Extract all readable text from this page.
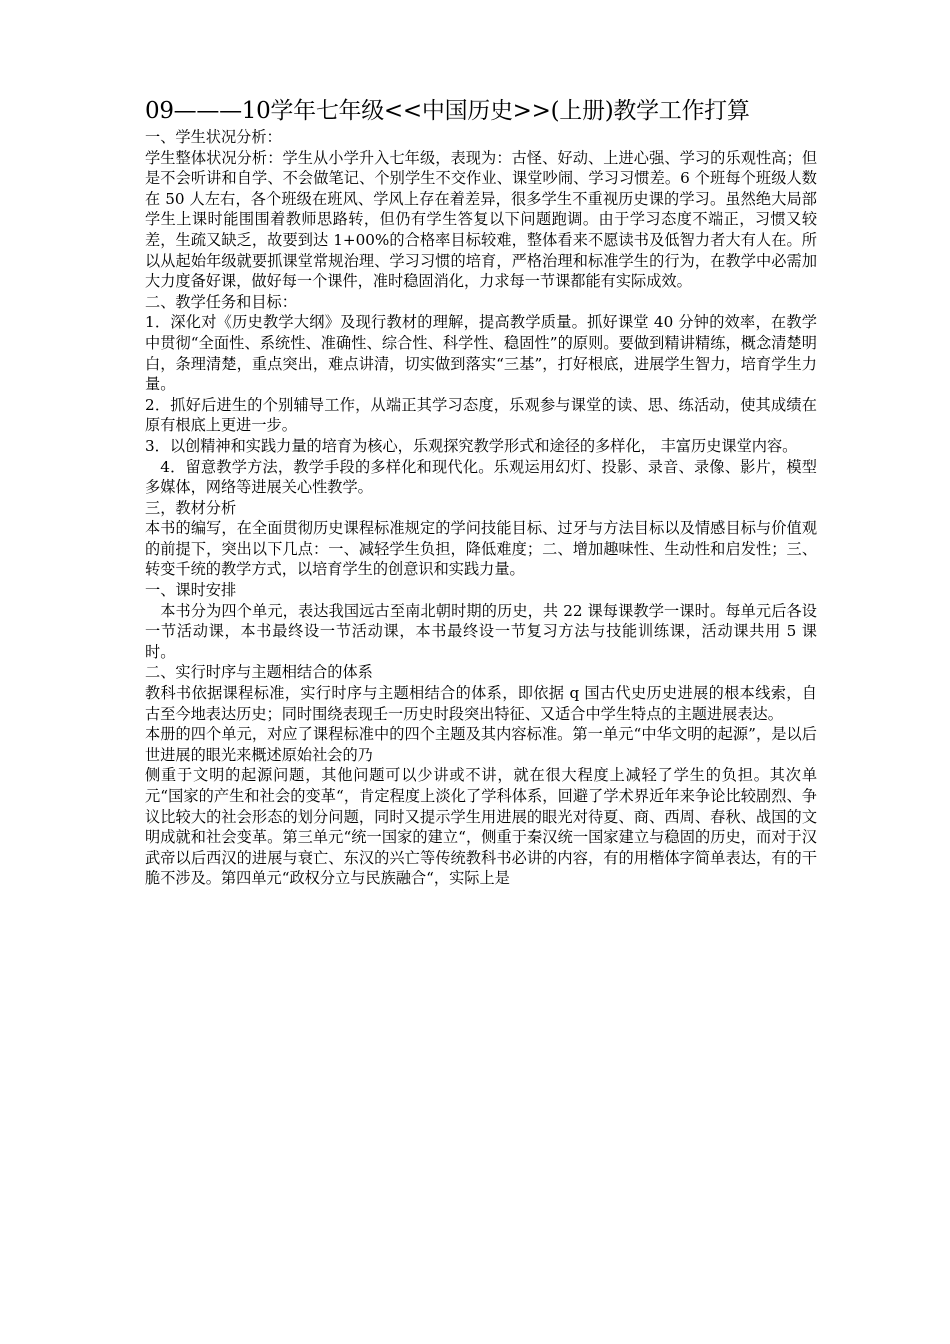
09———10学年七年级<<中国历史>>(上册)教学工作打算

一、学生状况分析：

学生整体状况分析：学生从小学升入七年级，表现为：古怪、好动、上进心强、学习的乐观性高；但是不会听讲和自学、不会做笔记、个别学生不交作业、课堂吵闹、学习习惯差。6 个班每个班级人数在 50 人左右，各个班级在班风、学风上存在着差异，很多学生不重视历史课的学习。虽然绝大局部学生上课时能围围着教师思路转，但仍有学生答复以下问题跑调。由于学习态度不端正，习惯又较差，生疏又缺乏，故要到达 1+00%的合格率目标较难，整体看来不愿读书及低智力者大有人在。所以从起始年级就要抓课堂常规治理、学习习惯的培育，严格治理和标准学生的行为，在教学中必需加大力度备好课，做好每一个课件，准时稳固消化，力求每一节课都能有实际成效。

二、教学任务和目标：

1．深化对《历史教学大纲》及现行教材的理解，提高教学质量。抓好课堂 40 分钟的效率，在教学中贯彻“全面性、系统性、准确性、综合性、科学性、稳固性”的原则。要做到精讲精练，概念清楚明白，条理清楚，重点突出，难点讲清，切实做到落实“三基”，打好根底，进展学生智力，培育学生力量。

2．抓好后进生的个别辅导工作，从端正其学习态度，乐观参与课堂的读、思、练活动，使其成绩在原有根底上更进一步。

3．以创精神和实践力量的培育为核心，乐观探究教学形式和途径的多样化， 丰富历史课堂内容。

4．留意教学方法，教学手段的多样化和现代化。乐观运用幻灯、投影、录音、录像、影片，模型多媒体，网络等进展关心性教学。

三，教材分析

本书的编写，在全面贯彻历史课程标准规定的学问技能目标、过牙与方法目标以及情感目标与价值观的前提下，突出以下几点：一、减轻学生负担，降低难度；二、增加趣味性、生动性和启发性；三、转变千统的教学方式，以培育学生的创意识和实践力量。

一、课时安排

本书分为四个单元，表达我国远古至南北朝时期的历史，共 22 课每课教学一课时。每单元后各设一节活动课，本书最终设一节活动课，本书最终设一节复习方法与技能训练课，活动课共用 5 课时。

二、实行时序与主题相结合的体系

教科书依据课程标准，实行时序与主题相结合的体系，即依据 q 国古代史历史进展的根本线索，自古至今地表达历史；同时围绕表现壬一历史时段突出特征、又适合中学生特点的主题进展表达。

本册的四个单元，对应了课程标准中的四个主题及其内容标准。第一单元“中华文明的起源”，是以后世进展的眼光来概述原始社会的乃

侧重于文明的起源问题，其他问题可以少讲或不讲，就在很大程度上减轻了学生的负担。其次单元“国家的产生和社会的变革“，肯定程度上淡化了学科体系，回避了学术界近年来争论比较剧烈、争议比较大的社会形态的划分问题，同时又提示学生用进展的眼光对待夏、商、西周、春秋、战国的文明成就和社会变革。第三单元“统一国家的建立“，侧重于秦汉统一国家建立与稳固的历史，而对于汉武帝以后西汉的进展与衰亡、东汉的兴亡等传统教科书必讲的内容，有的用楷体字简单表达，有的干脆不涉及。第四单元“政权分立与民族融合“，实际上是
